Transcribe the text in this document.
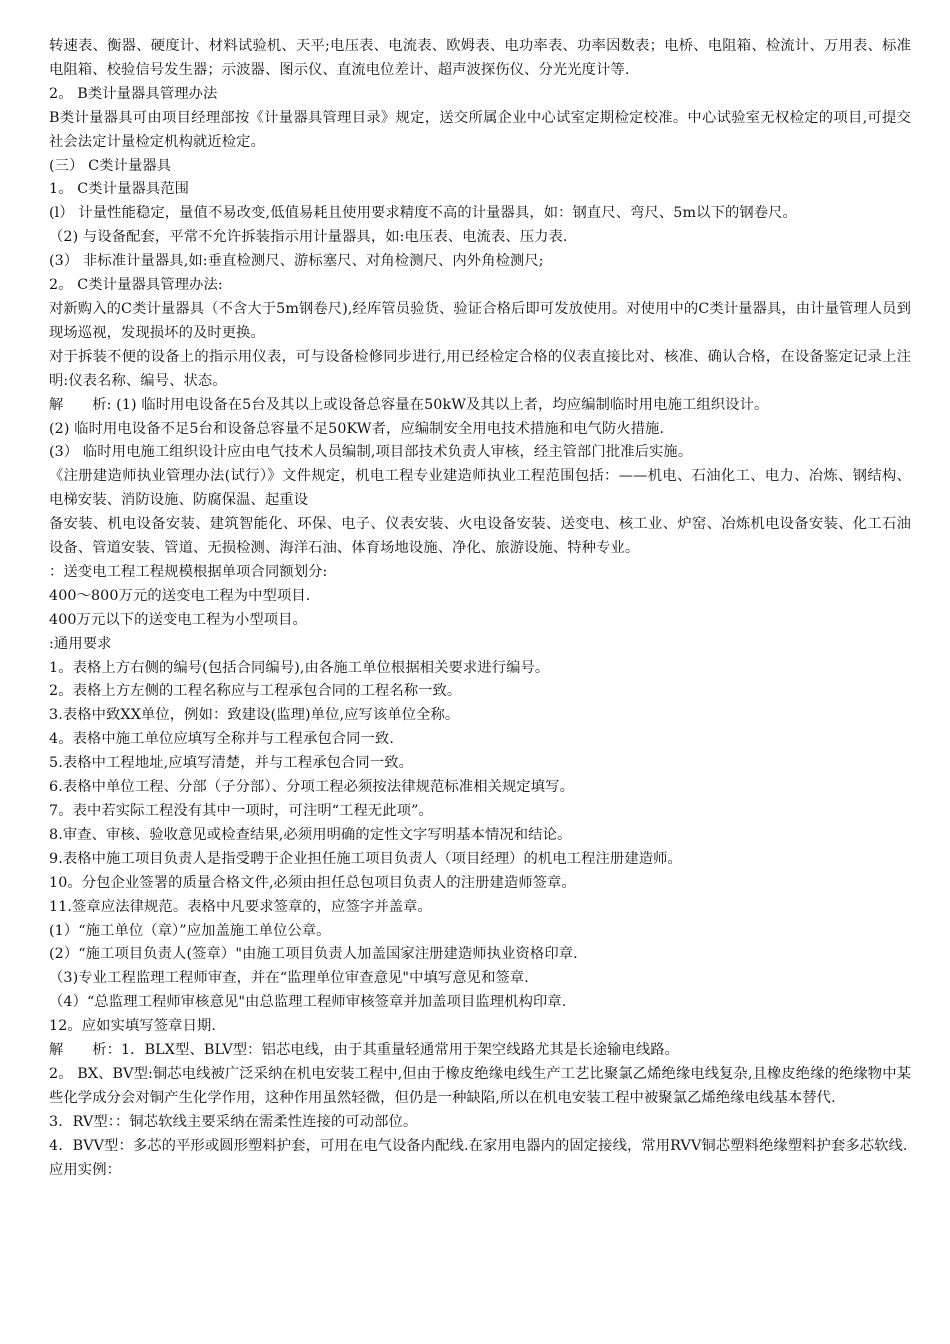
转速表、衡器、硬度计、材料试验机、天平;电压表、电流表、欧姆表、电功率表、功率因数表；电桥、电阻箱、检流计、万用表、标准电阻箱、校验信号发生器；示波器、图示仪、直流电位差计、超声波探伤仪、分光光度计等.

2。 B类计量器具管理办法

B类计量器具可由项目经理部按《计量器具管理目录》规定，送交所属企业中心试室定期检定校准。中心试验室无权检定的项目,可提交社会法定计量检定机构就近检定。

(三） C类计量器具

1。 C类计量器具范围

(l） 计量性能稳定，量值不易改变,低值易耗且使用要求精度不高的计量器具，如：钢直尺、弯尺、5m以下的钢卷尺。

（2) 与设备配套，平常不允许拆装指示用计量器具，如:电压表、电流表、压力表.

(3） 非标准计量器具,如:垂直检测尺、游标塞尺、对角检测尺、内外角检测尺;

2。 C类计量器具管理办法:

对新购入的C类计量器具（不含大于5m钢卷尺),经库管员验货、验证合格后即可发放使用。对使用中的C类计量器具，由计量管理人员到现场巡视，发现损坏的及时更换。

对于拆装不便的设备上的指示用仪表，可与设备检修同步进行,用已经检定合格的仪表直接比对、核准、确认合格，在设备鉴定记录上注明:仪表名称、编号、状态。

解　　析: (1) 临时用电设备在5台及其以上或设备总容量在50kW及其以上者，均应编制临时用电施工组织设计。

(2) 临时用电设备不足5台和设备总容量不足50KW者，应编制安全用电技术措施和电气防火措施.

(3） 临时用电施工组织设计应由电气技术人员编制,项目部技术负责人审核，经主管部门批准后实施。

《注册建造师执业管理办法(试行）》文件规定，机电工程专业建造师执业工程范围包括：——机电、石油化工、电力、冶炼、钢结构、电梯安装、消防设施、防腐保温、起重设

备安装、机电设备安装、建筑智能化、环保、电子、仪表安装、火电设备安装、送变电、核工业、炉窑、冶炼机电设备安装、化工石油设备、管道安装、管道、无损检测、海洋石油、体育场地设施、净化、旅游设施、特种专业。

：送变电工程工程规模根据单项合同额划分:

400～800万元的送变电工程为中型项目.

400万元以下的送变电工程为小型项目。

:通用要求

1。表格上方右侧的编号(包括合同编号),由各施工单位根据相关要求进行编号。

2。表格上方左侧的工程名称应与工程承包合同的工程名称一致。

3.表格中致XX单位，例如：致建设(监理)单位,应写该单位全称。

4。表格中施工单位应填写全称并与工程承包合同一致.

5.表格中工程地址,应填写清楚，并与工程承包合同一致。

6.表格中单位工程、分部（子分部）、分项工程必须按法律规范标准相关规定填写。

7。表中若实际工程没有其中一项时，可注明“工程无此项”。

8.审查、审核、验收意见或检查结果,必须用明确的定性文字写明基本情况和结论。

9.表格中施工项目负责人是指受聘于企业担任施工项目负责人（项目经理）的机电工程注册建造师。

10。分包企业签署的质量合格文件,必须由担任总包项目负责人的注册建造师签章。

11.签章应法律规范。表格中凡要求签章的，应签字并盖章。

(1）“施工单位（章）”应加盖施工单位公章。

(2）“施工项目负责人(签章）"由施工项目负责人加盖国家注册建造师执业资格印章.

（3)专业工程监理工程师审查，并在“监理单位审查意见"中填写意见和签章.

（4）“总监理工程师审核意见"由总监理工程师审核签章并加盖项目监理机构印章.

12。应如实填写签章日期.

解　　析：1．BLX型、BLV型：铝芯电线，由于其重量轻通常用于架空线路尤其是长途输电线路。

2。 BX、BV型:铜芯电线被广泛采纳在机电安装工程中,但由于橡皮绝缘电线生产工艺比聚氯乙烯绝缘电线复杂,且橡皮绝缘的绝缘物中某些化学成分会对铜产生化学作用，这种作用虽然轻微，但仍是一种缺陷,所以在机电安装工程中被聚氯乙烯绝缘电线基本替代.

3．RV型：：铜芯软线主要采纳在需柔性连接的可动部位。

4．BVV型：多芯的平形或圆形塑料护套，可用在电气设备内配线.在家用电器内的固定接线，常用RVV铜芯塑料绝缘塑料护套多芯软线.

应用实例：
